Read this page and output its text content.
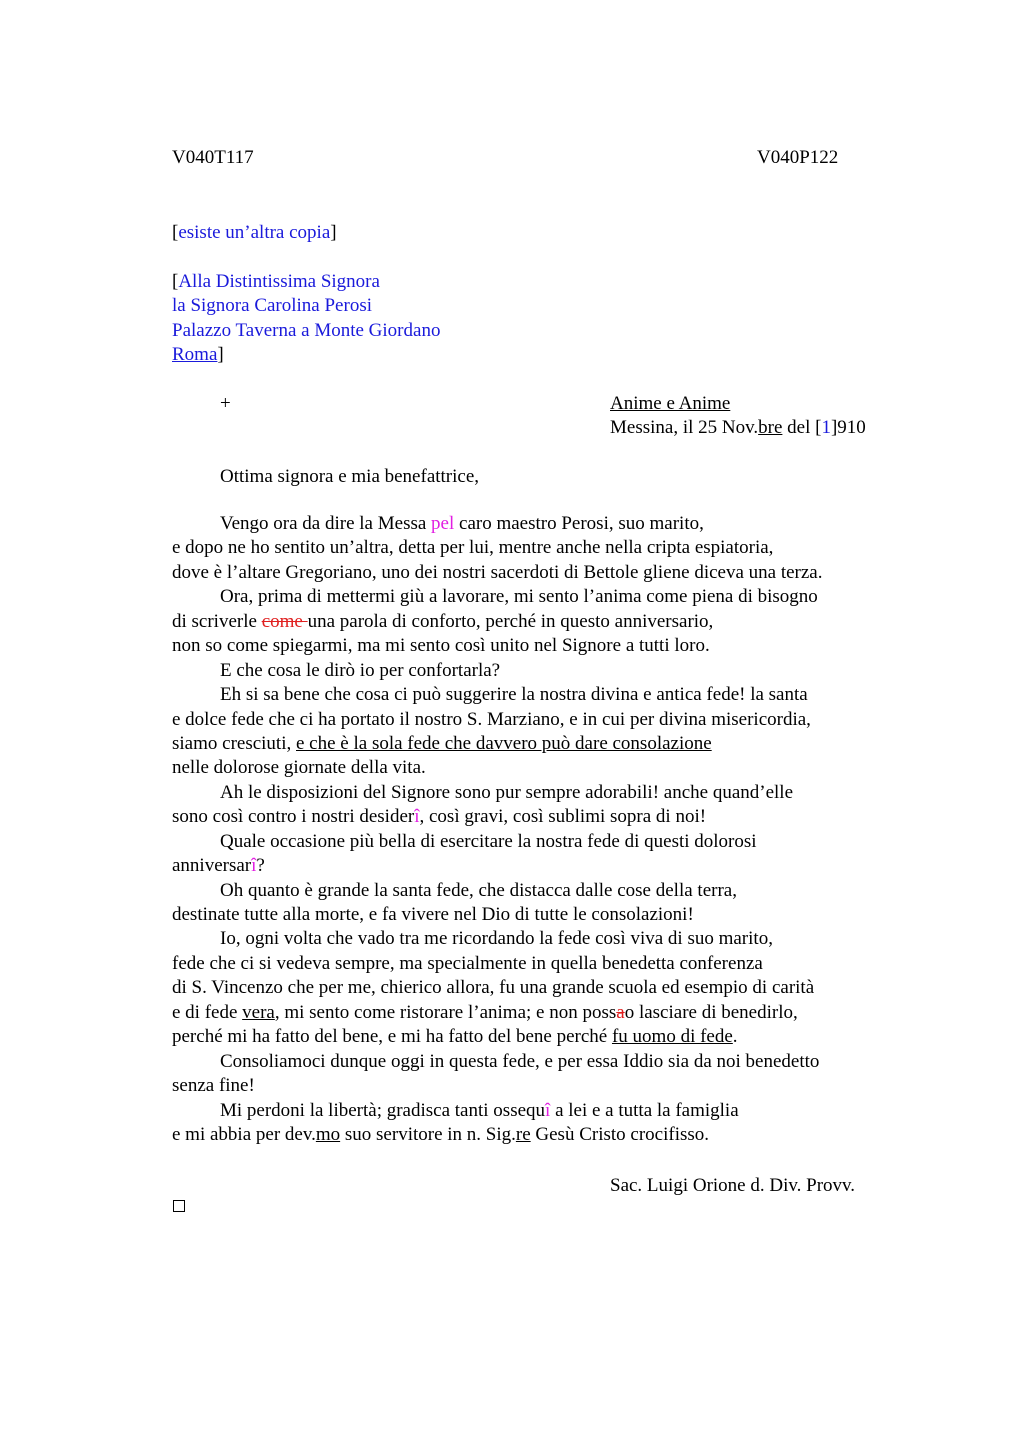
V040T117	V040P122
[esiste un’altra copia]
[Alla Distintissima Signora
la Signora Carolina Perosi
Palazzo Taverna a Monte Giordano
Roma]
+	Anime e Anime
Messina, il 25 Nov.bre del [1]910
Ottima signora e mia benefattrice,
Vengo ora da dire la Messa pel caro maestro Perosi, suo marito,
e dopo ne ho sentito un’altra, detta per lui, mentre anche nella cripta espiatoria,
dove è l’altare Gregoriano, uno dei nostri sacerdoti di Bettole gliene diceva una terza.
Ora, prima di mettermi giù a lavorare, mi sento l’anima come piena di bisogno
di scriverle come una parola di conforto, perché in questo anniversario,
non so come spiegarmi, ma mi sento così unito nel Signore a tutti loro.
E che cosa le dirò io per confortarla?
Eh si sa bene che cosa ci può suggerire la nostra divina e antica fede! la santa
e dolce fede che ci ha portato il nostro S. Marziano, e in cui per divina misericordia,
siamo cresciuti, e che è la sola fede che davvero può dare consolazione
nelle dolorose giornate della vita.
Ah le disposizioni del Signore sono pur sempre adorabili! anche quand’elle
sono così contro i nostri desiderî, così gravi, così sublimi sopra di noi!
Quale occasione più bella di esercitare la nostra fede di questi dolorosi
anniversarî?
Oh quanto è grande la santa fede, che distacca dalle cose della terra,
destinate tutte alla morte, e fa vivere nel Dio di tutte le consolazioni!
Io, ogni volta che vado tra me ricordando la fede così viva di suo marito,
fede che ci si vedeva sempre, ma specialmente in quella benedetta conferenza
di S. Vincenzo che per me, chierico allora, fu una grande scuola ed esempio di carità
e di fede vera, mi sento come ristorare l’anima; e non possao lasciare di benedirlo,
perché mi ha fatto del bene, e mi ha fatto del bene perché fu uomo di fede.
Consoliamoci dunque oggi in questa fede, e per essa Iddio sia da noi benedetto
senza fine!
Mi perdoni la libertà; gradisca tanti ossequî a lei e a tutta la famiglia
e mi abbia per dev.mo suo servitore in n. Sig.re Gesù Cristo crocifisso.
Sac. Luigi Orione d. Div. Provv.
